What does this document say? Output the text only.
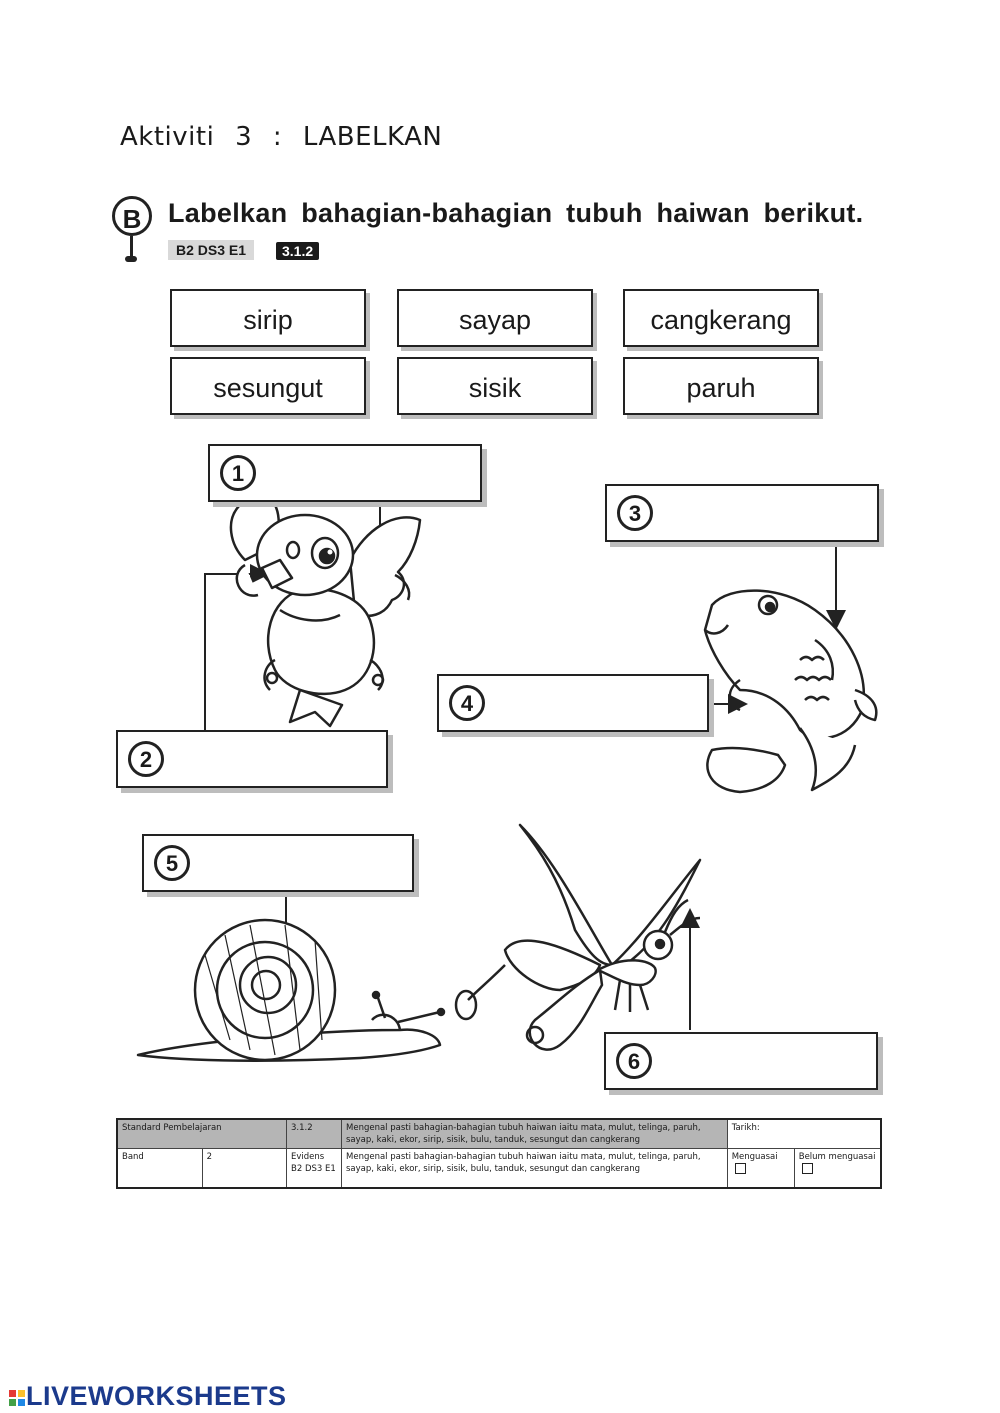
Aktiviti 3 : LABELKAN
B Labelkan bahagian-bahagian tubuh haiwan berikut.
B2 DS3 E1	3.1.2
sirip	sayap	cangkerang
sesungut	sisik	paruh
1
3
4
2
5
6
Standard Pembelajaran		3.1.2	Mengenal pasti bahagian-bahagian tubuh haiwan iaitu mata, mulut, telinga, paruh, sayap, kaki, ekor, sirip, sisik, bulu, tanduk, sesungut dan cangkerang	Tarikh:	
Band	2	Evidens B2 DS3 E1	Mengenal pasti bahagian-bahagian tubuh haiwan iaitu mata, mulut, telinga, paruh, sayap, kaki, ekor, sirip, sisik, bulu, tanduk, sesungut dan cangkerang	Menguasai	Belum menguasai
LIVEWORKSHEETS
